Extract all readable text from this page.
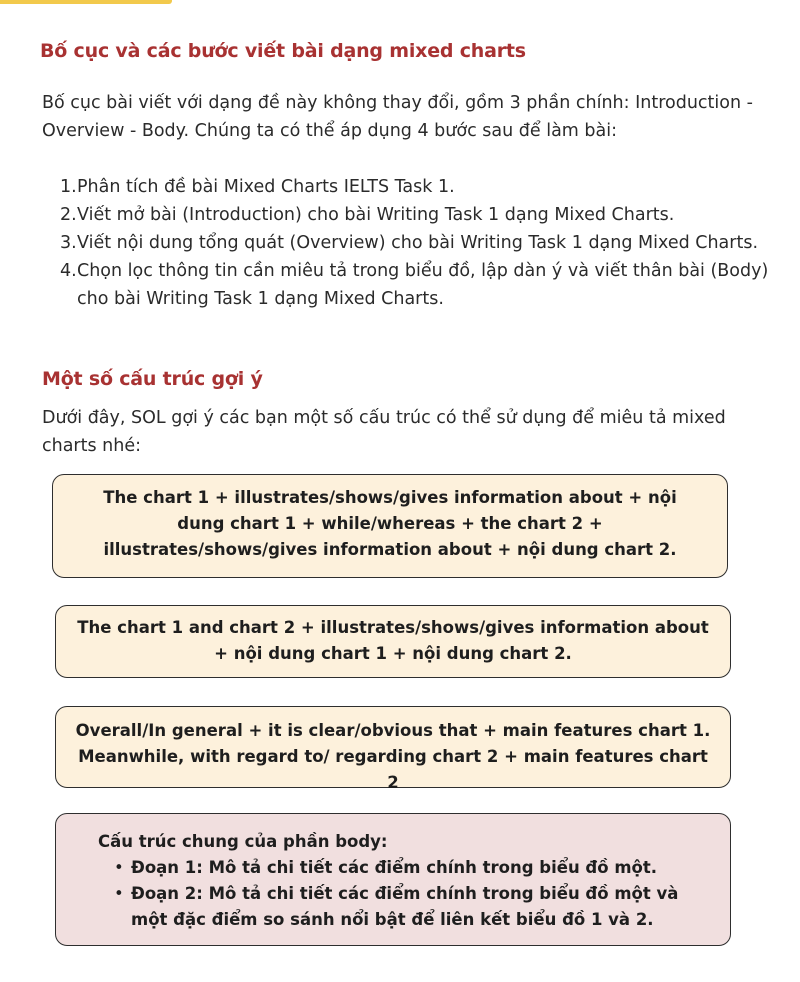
Bố cục và các bước viết bài dạng mixed charts

Bố cục bài viết với dạng đề này không thay đổi, gồm 3 phần chính: Introduction - Overview - Body. Chúng ta có thể áp dụng 4 bước sau để làm bài:

1. Phân tích đề bài Mixed Charts IELTS Task 1.
2. Viết mở bài (Introduction) cho bài Writing Task 1 dạng Mixed Charts.
3. Viết nội dung tổng quát (Overview) cho bài Writing Task 1 dạng Mixed Charts.
4. Chọn lọc thông tin cần miêu tả trong biểu đồ, lập dàn ý và viết thân bài (Body) cho bài Writing Task 1 dạng Mixed Charts.
Một số cấu trúc gợi ý

Dưới đây, SOL gợi ý các bạn một số cấu trúc có thể sử dụng để miêu tả mixed charts nhé:

The chart 1 + illustrates/shows/gives information about + nội dung chart 1 + while/whereas + the chart 2 + illustrates/shows/gives information about + nội dung chart 2.

The chart 1 and chart 2 + illustrates/shows/gives information about + nội dung chart 1 + nội dung chart 2.

Overall/In general + it is clear/obvious that + main features chart 1. Meanwhile, with regard to/ regarding chart 2 + main features chart 2

Cấu trúc chung của phần body:

• Đoạn 1: Mô tả chi tiết các điểm chính trong biểu đồ một.
• Đoạn 2: Mô tả chi tiết các điểm chính trong biểu đồ một và một đặc điểm so sánh nổi bật để liên kết biểu đồ 1 và 2.
